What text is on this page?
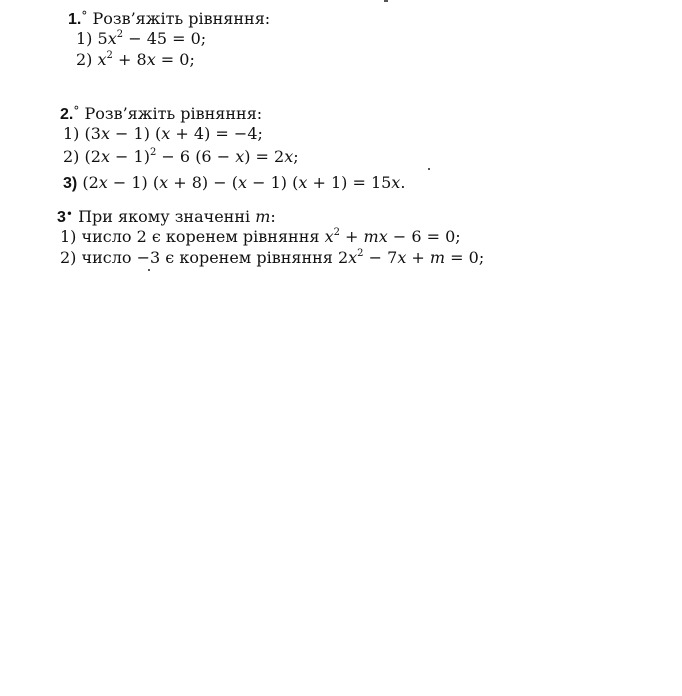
1.° Розв’яжіть рівняння:
1) $5x^2 - 45 = 0$;
2) $x^2 + 8x = 0$;
2.° Розв’яжіть рівняння:
1) (3x − 1) (x + 4) = −4;
2) $(2x - 1)^2 - 6$ (6 − x) = 2x;
3) (2x − 1) (x + 8) − (x − 1) (x + 1) = 15x.
3• При якому значенні m:
1) число 2 є коренем рівняння $x^2$ + mx − 6 = 0;
2) число −3 є коренем рівняння $2x^2 - 7x + m = 0$;
